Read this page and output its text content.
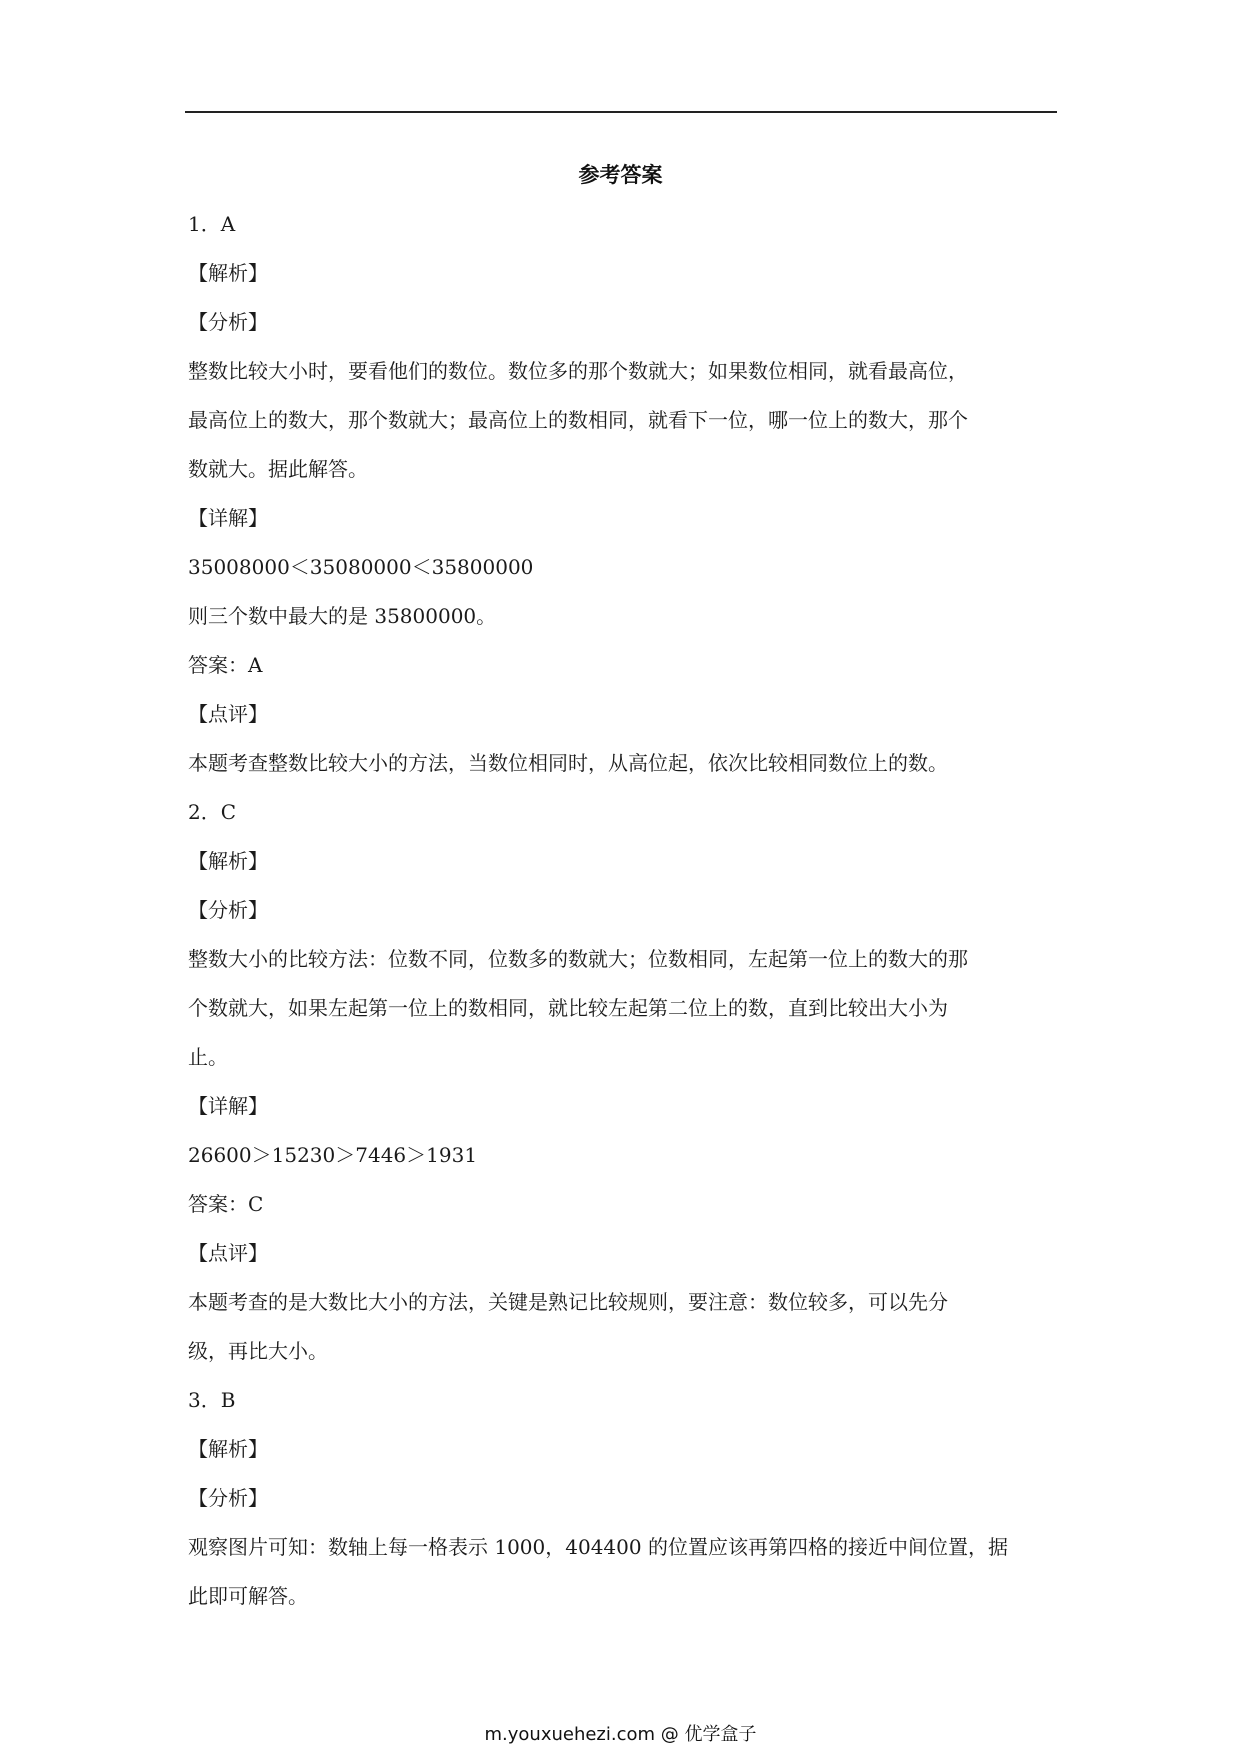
参考答案
1．A
【解析】
【分析】
整数比较大小时，要看他们的数位。数位多的那个数就大；如果数位相同，就看最高位，
最高位上的数大，那个数就大；最高位上的数相同，就看下一位，哪一位上的数大，那个
数就大。据此解答。
【详解】
35008000＜35080000＜35800000
则三个数中最大的是 35800000。
答案：A
【点评】
本题考查整数比较大小的方法，当数位相同时，从高位起，依次比较相同数位上的数。
2．C
【解析】
【分析】
整数大小的比较方法：位数不同，位数多的数就大；位数相同，左起第一位上的数大的那
个数就大，如果左起第一位上的数相同，就比较左起第二位上的数，直到比较出大小为
止。
【详解】
26600＞15230＞7446＞1931
答案：C
【点评】
本题考查的是大数比大小的方法，关键是熟记比较规则，要注意：数位较多，可以先分
级，再比大小。
3．B
【解析】
【分析】
观察图片可知：数轴上每一格表示 1000，404400 的位置应该再第四格的接近中间位置，据
此即可解答。
m.youxuehezi.com @ 优学盒子
